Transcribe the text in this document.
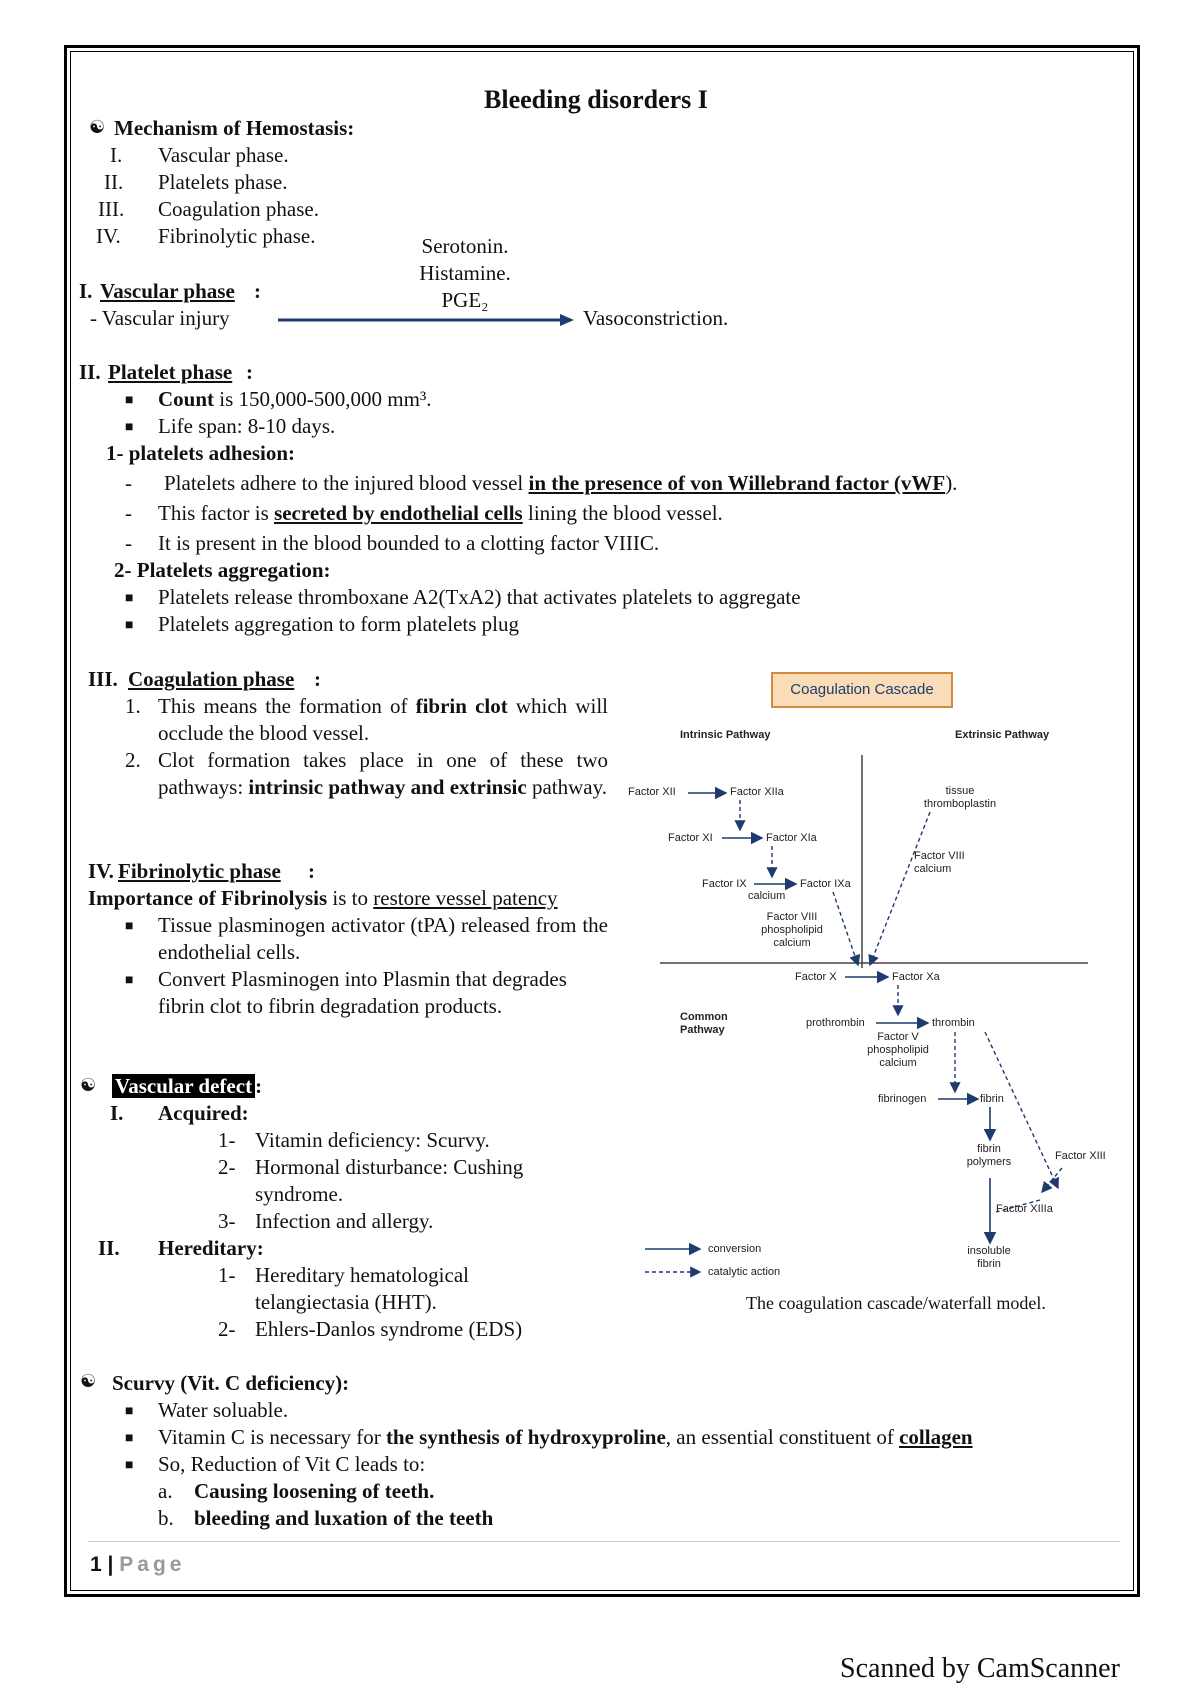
Bleeding disorders I
☯ Mechanism of Hemostasis:
I. Vascular phase.
II. Platelets phase.
III. Coagulation phase.
IV. Fibrinolytic phase.	Serotonin.
Histamine.
PGE₂
I. Vascular phase :
- Vascular injury	Vasoconstriction.
II. Platelet phase :
■ Count is 150,000-500,000 mm³.
■ Life span: 8-10 days.
1- platelets adhesion:
- Platelets adhere to the injured blood vessel in the presence of von Willebrand factor (vWF).
- This factor is secreted by endothelial cells lining the blood vessel.
- It is present in the blood bounded to a clotting factor VIIIC.
2- Platelets aggregation:
■ Platelets release thromboxane A2(TxA2) that activates platelets to aggregate
■ Platelets aggregation to form platelets plug
III. Coagulation phase :
1. This means the formation of fibrin clot which will occlude the blood vessel.
2. Clot formation takes place in one of these two pathways: intrinsic pathway and extrinsic pathway.
IV. Fibrinolytic phase :
Importance of Fibrinolysis is to restore vessel patency
■ Tissue plasminogen activator (tPA) released from the endothelial cells.
■ Convert Plasminogen into Plasmin that degrades fibrin clot to fibrin degradation products.
☯ Vascular defect :
I. Acquired:
1- Vitamin deficiency: Scurvy.
2- Hormonal disturbance: Cushing syndrome.
3- Infection and allergy.
II. Hereditary:
1- Hereditary hematological telangiectasia (HHT).
2- Ehlers-Danlos syndrome (EDS)
☯ Scurvy (Vit. C deficiency):
■ Water soluable.
■ Vitamin C is necessary for the synthesis of hydroxyproline, an essential constituent of collagen
■ So, Reduction of Vit C leads to:
a. Causing loosening of teeth.
b. bleeding and luxation of the teeth
Coagulation Cascade
Intrinsic Pathway	Extrinsic Pathway
Factor XII	Factor XIIa
Factor XI	Factor XIa
Factor IX	Factor IXa
calcium
Factor VIII phospholipid calcium
tissue thromboplastin
Factor VIII calcium
Factor X	Factor Xa
Common Pathway
prothrombin	thrombin
Factor V phospholipid calcium
fibrinogen	fibrin
fibrin polymers	Factor XIII
Factor XIIIa
insoluble fibrin
conversion
catalytic action
The coagulation cascade/waterfall model.
1 | Page
Scanned by CamScanner
